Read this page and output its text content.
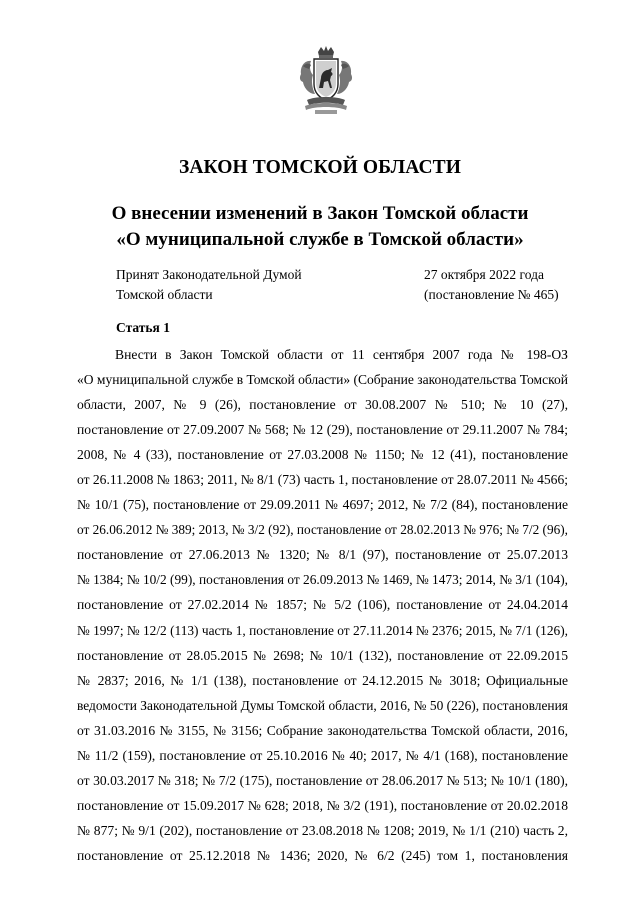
ЗАКОН ТОМСКОЙ ОБЛАСТИ
О внесении изменений в Закон Томской области
«О муниципальной службе в Томской области»
Принят Законодательной Думой
Томской области
27 октября 2022 года
(постановление № 465)
Статья 1
Внести в Закон Томской области от 11 сентября 2007 года № 198-ОЗ
«О муниципальной службе в Томской области» (Собрание законодательства Томской
области, 2007, № 9 (26), постановление от 30.08.2007 № 510; № 10 (27),
постановление от 27.09.2007 № 568; № 12 (29), постановление от 29.11.2007 № 784;
2008, № 4 (33), постановление от 27.03.2008 № 1150; № 12 (41), постановление
от 26.11.2008 № 1863; 2011, № 8/1 (73) часть 1, постановление от 28.07.2011 № 4566;
№ 10/1 (75), постановление от 29.09.2011 № 4697; 2012, № 7/2 (84), постановление
от 26.06.2012 № 389; 2013, № 3/2 (92), постановление от 28.02.2013 № 976; № 7/2 (96),
постановление от 27.06.2013 № 1320; № 8/1 (97), постановление от 25.07.2013
№ 1384; № 10/2 (99), постановления от 26.09.2013 № 1469, № 1473; 2014, № 3/1 (104),
постановление от 27.02.2014 № 1857; № 5/2 (106), постановление от 24.04.2014
№ 1997; № 12/2 (113) часть 1, постановление от 27.11.2014 № 2376; 2015, № 7/1 (126),
постановление от 28.05.2015 № 2698; № 10/1 (132), постановление от 22.09.2015
№ 2837; 2016, № 1/1 (138), постановление от 24.12.2015 № 3018; Официальные
ведомости Законодательной Думы Томской области, 2016, № 50 (226), постановления
от 31.03.2016 № 3155, № 3156; Собрание законодательства Томской области, 2016,
№ 11/2 (159), постановление от 25.10.2016 № 40; 2017, № 4/1 (168), постановление
от 30.03.2017 № 318; № 7/2 (175), постановление от 28.06.2017 № 513; № 10/1 (180),
постановление от 15.09.2017 № 628; 2018, № 3/2 (191), постановление от 20.02.2018
№ 877; № 9/1 (202), постановление от 23.08.2018 № 1208; 2019, № 1/1 (210) часть 2,
постановление от 25.12.2018 № 1436; 2020, № 6/2 (245) том 1, постановления
